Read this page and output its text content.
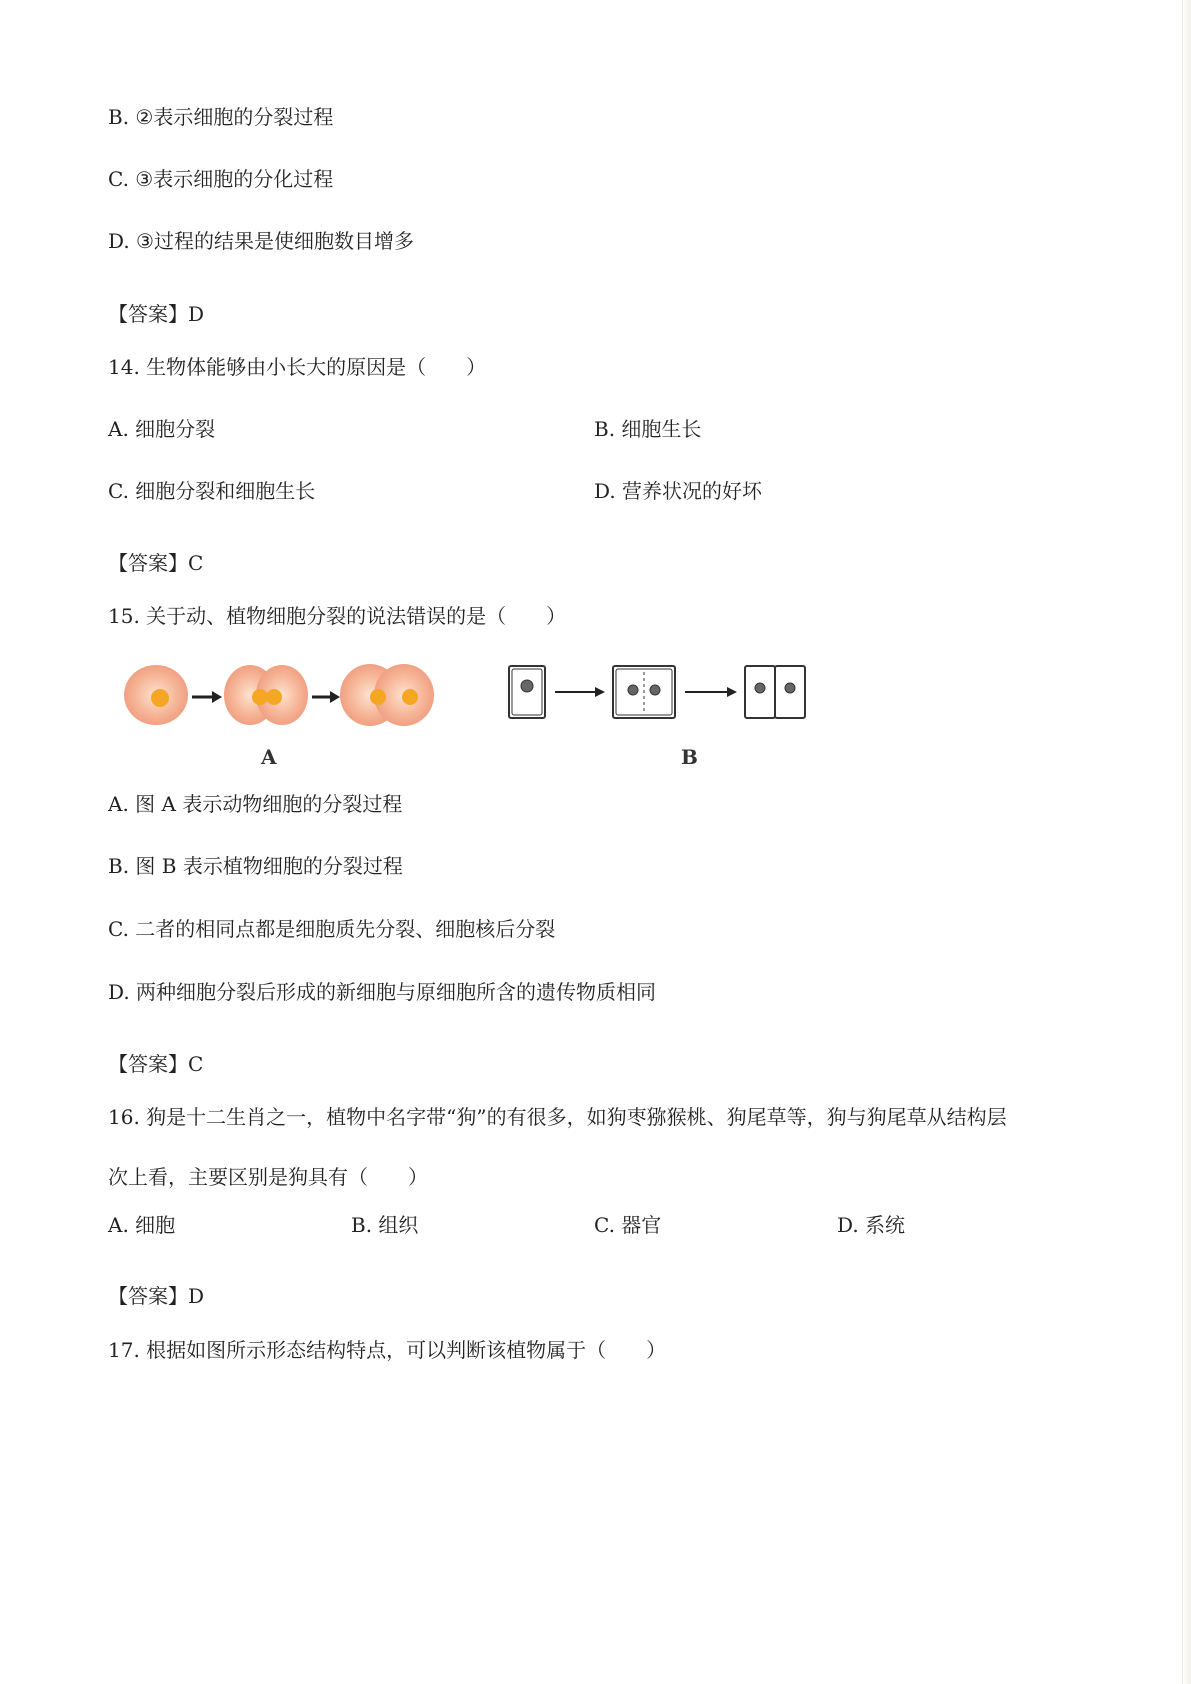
B. ②表示细胞的分裂过程
C. ③表示细胞的分化过程
D. ③过程的结果是使细胞数目增多
【答案】D
14. 生物体能够由小长大的原因是（　　）
A. 细胞分裂	B. 细胞生长
C. 细胞分裂和细胞生长	D. 营养状况的好坏
【答案】C
15. 关于动、植物细胞分裂的说法错误的是（　　）
A	B
A. 图 A 表示动物细胞的分裂过程
B. 图 B 表示植物细胞的分裂过程
C. 二者的相同点都是细胞质先分裂、细胞核后分裂
D. 两种细胞分裂后形成的新细胞与原细胞所含的遗传物质相同
【答案】C
16. 狗是十二生肖之一，植物中名字带“狗”的有很多，如狗枣猕猴桃、狗尾草等，狗与狗尾草从结构层
次上看，主要区别是狗具有（　　）
A. 细胞	B. 组织	C. 器官	D. 系统
【答案】D
17. 根据如图所示形态结构特点，可以判断该植物属于（　　）
